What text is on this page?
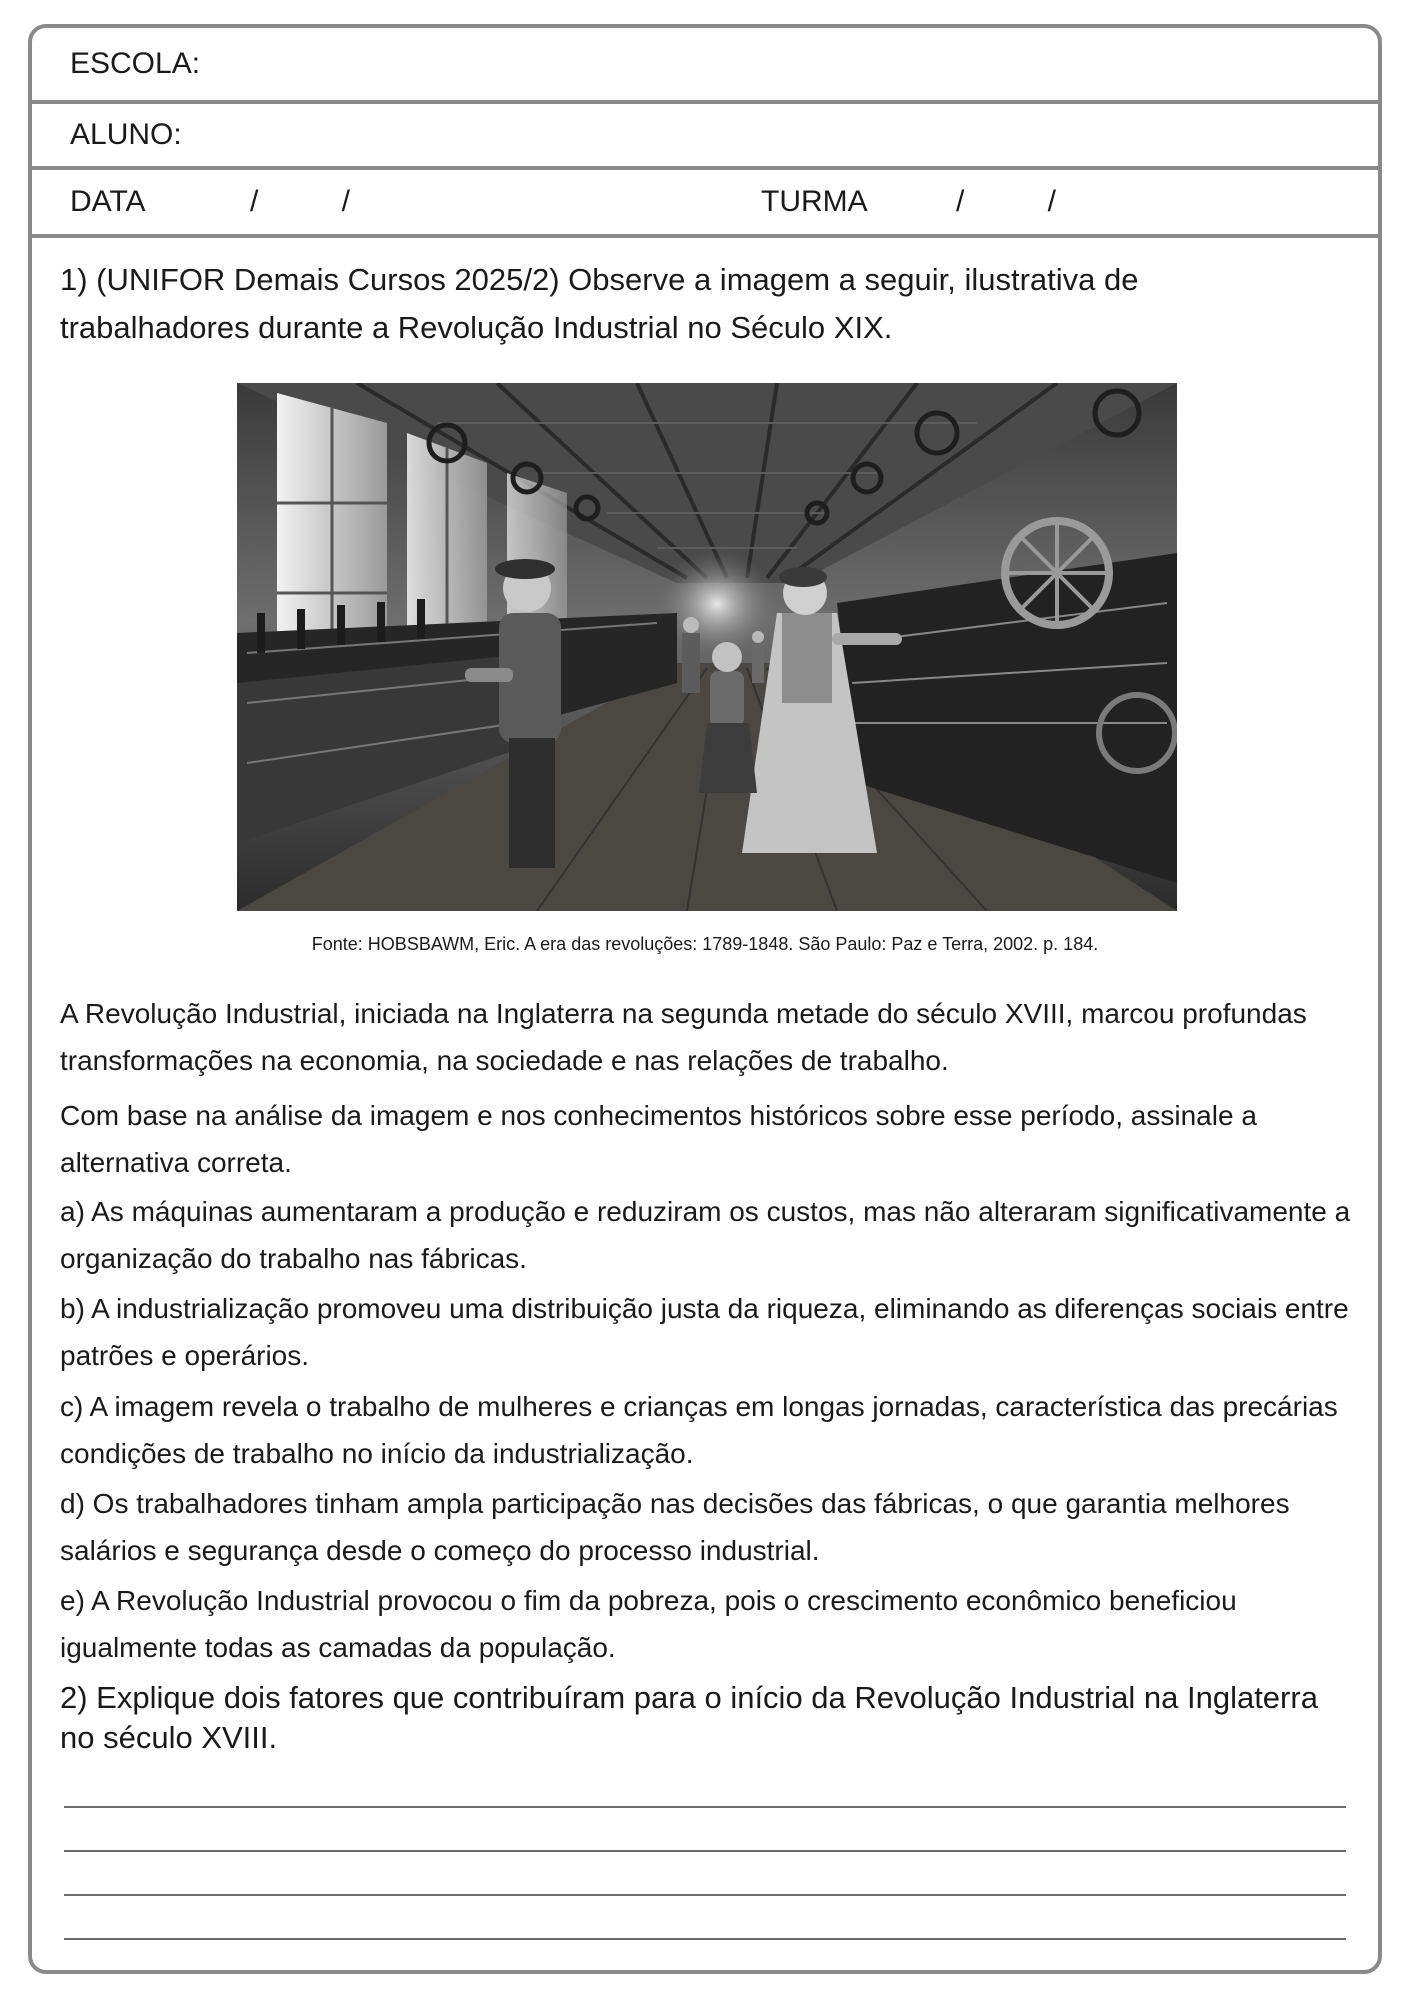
ESCOLA:
ALUNO:
DATA	/          /	TURMA	/          /

1) (UNIFOR Demais Cursos 2025/2) Observe a imagem a seguir, ilustrativa de trabalhadores durante a Revolução Industrial no Século XIX.

Fonte: HOBSBAWM, Eric. A era das revoluções: 1789-1848. São Paulo: Paz e Terra, 2002. p. 184.

A Revolução Industrial, iniciada na Inglaterra na segunda metade do século XVIII, marcou profundas transformações na economia, na sociedade e nas relações de trabalho.

Com base na análise da imagem e nos conhecimentos históricos sobre esse período, assinale a alternativa correta.

a) As máquinas aumentaram a produção e reduziram os custos, mas não alteraram significativamente a organização do trabalho nas fábricas.

b) A industrialização promoveu uma distribuição justa da riqueza, eliminando as diferenças sociais entre patrões e operários.

c) A imagem revela o trabalho de mulheres e crianças em longas jornadas, característica das precárias condições de trabalho no início da industrialização.

d) Os trabalhadores tinham ampla participação nas decisões das fábricas, o que garantia melhores salários e segurança desde o começo do processo industrial.

e) A Revolução Industrial provocou o fim da pobreza, pois o crescimento econômico beneficiou igualmente todas as camadas da população.

2) Explique dois fatores que contribuíram para o início da Revolução Industrial na Inglaterra no século XVIII.
